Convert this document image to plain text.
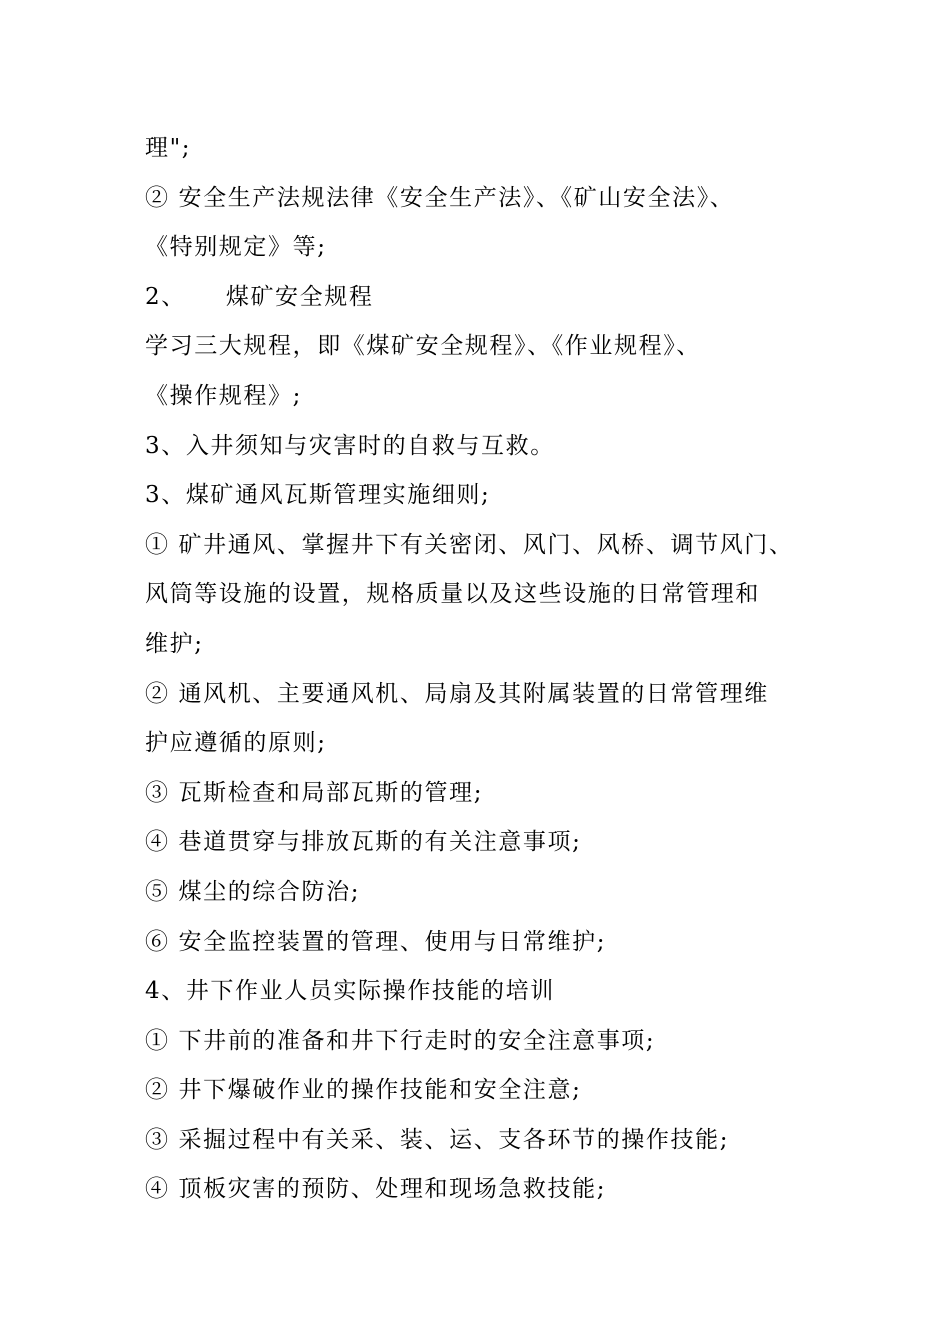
理";
② 安全生产法规法律《安全生产法》、《矿山安全法》、
《特别规定》等;
2、 煤矿安全规程
学习三大规程，即《煤矿安全规程》、《作业规程》、
《操作规程》;
3、入井须知与灾害时的自救与互救。
3、煤矿通风瓦斯管理实施细则;
① 矿井通风、掌握井下有关密闭、风门、风桥、调节风门、
风筒等设施的设置，规格质量以及这些设施的日常管理和
维护;
② 通风机、主要通风机、局扇及其附属装置的日常管理维
护应遵循的原则;
③ 瓦斯检查和局部瓦斯的管理;
④ 巷道贯穿与排放瓦斯的有关注意事项;
⑤ 煤尘的综合防治;
⑥ 安全监控装置的管理、使用与日常维护;
4、井下作业人员实际操作技能的培训
① 下井前的准备和井下行走时的安全注意事项;
② 井下爆破作业的操作技能和安全注意;
③ 采掘过程中有关采、装、运、支各环节的操作技能;
④ 顶板灾害的预防、处理和现场急救技能;
